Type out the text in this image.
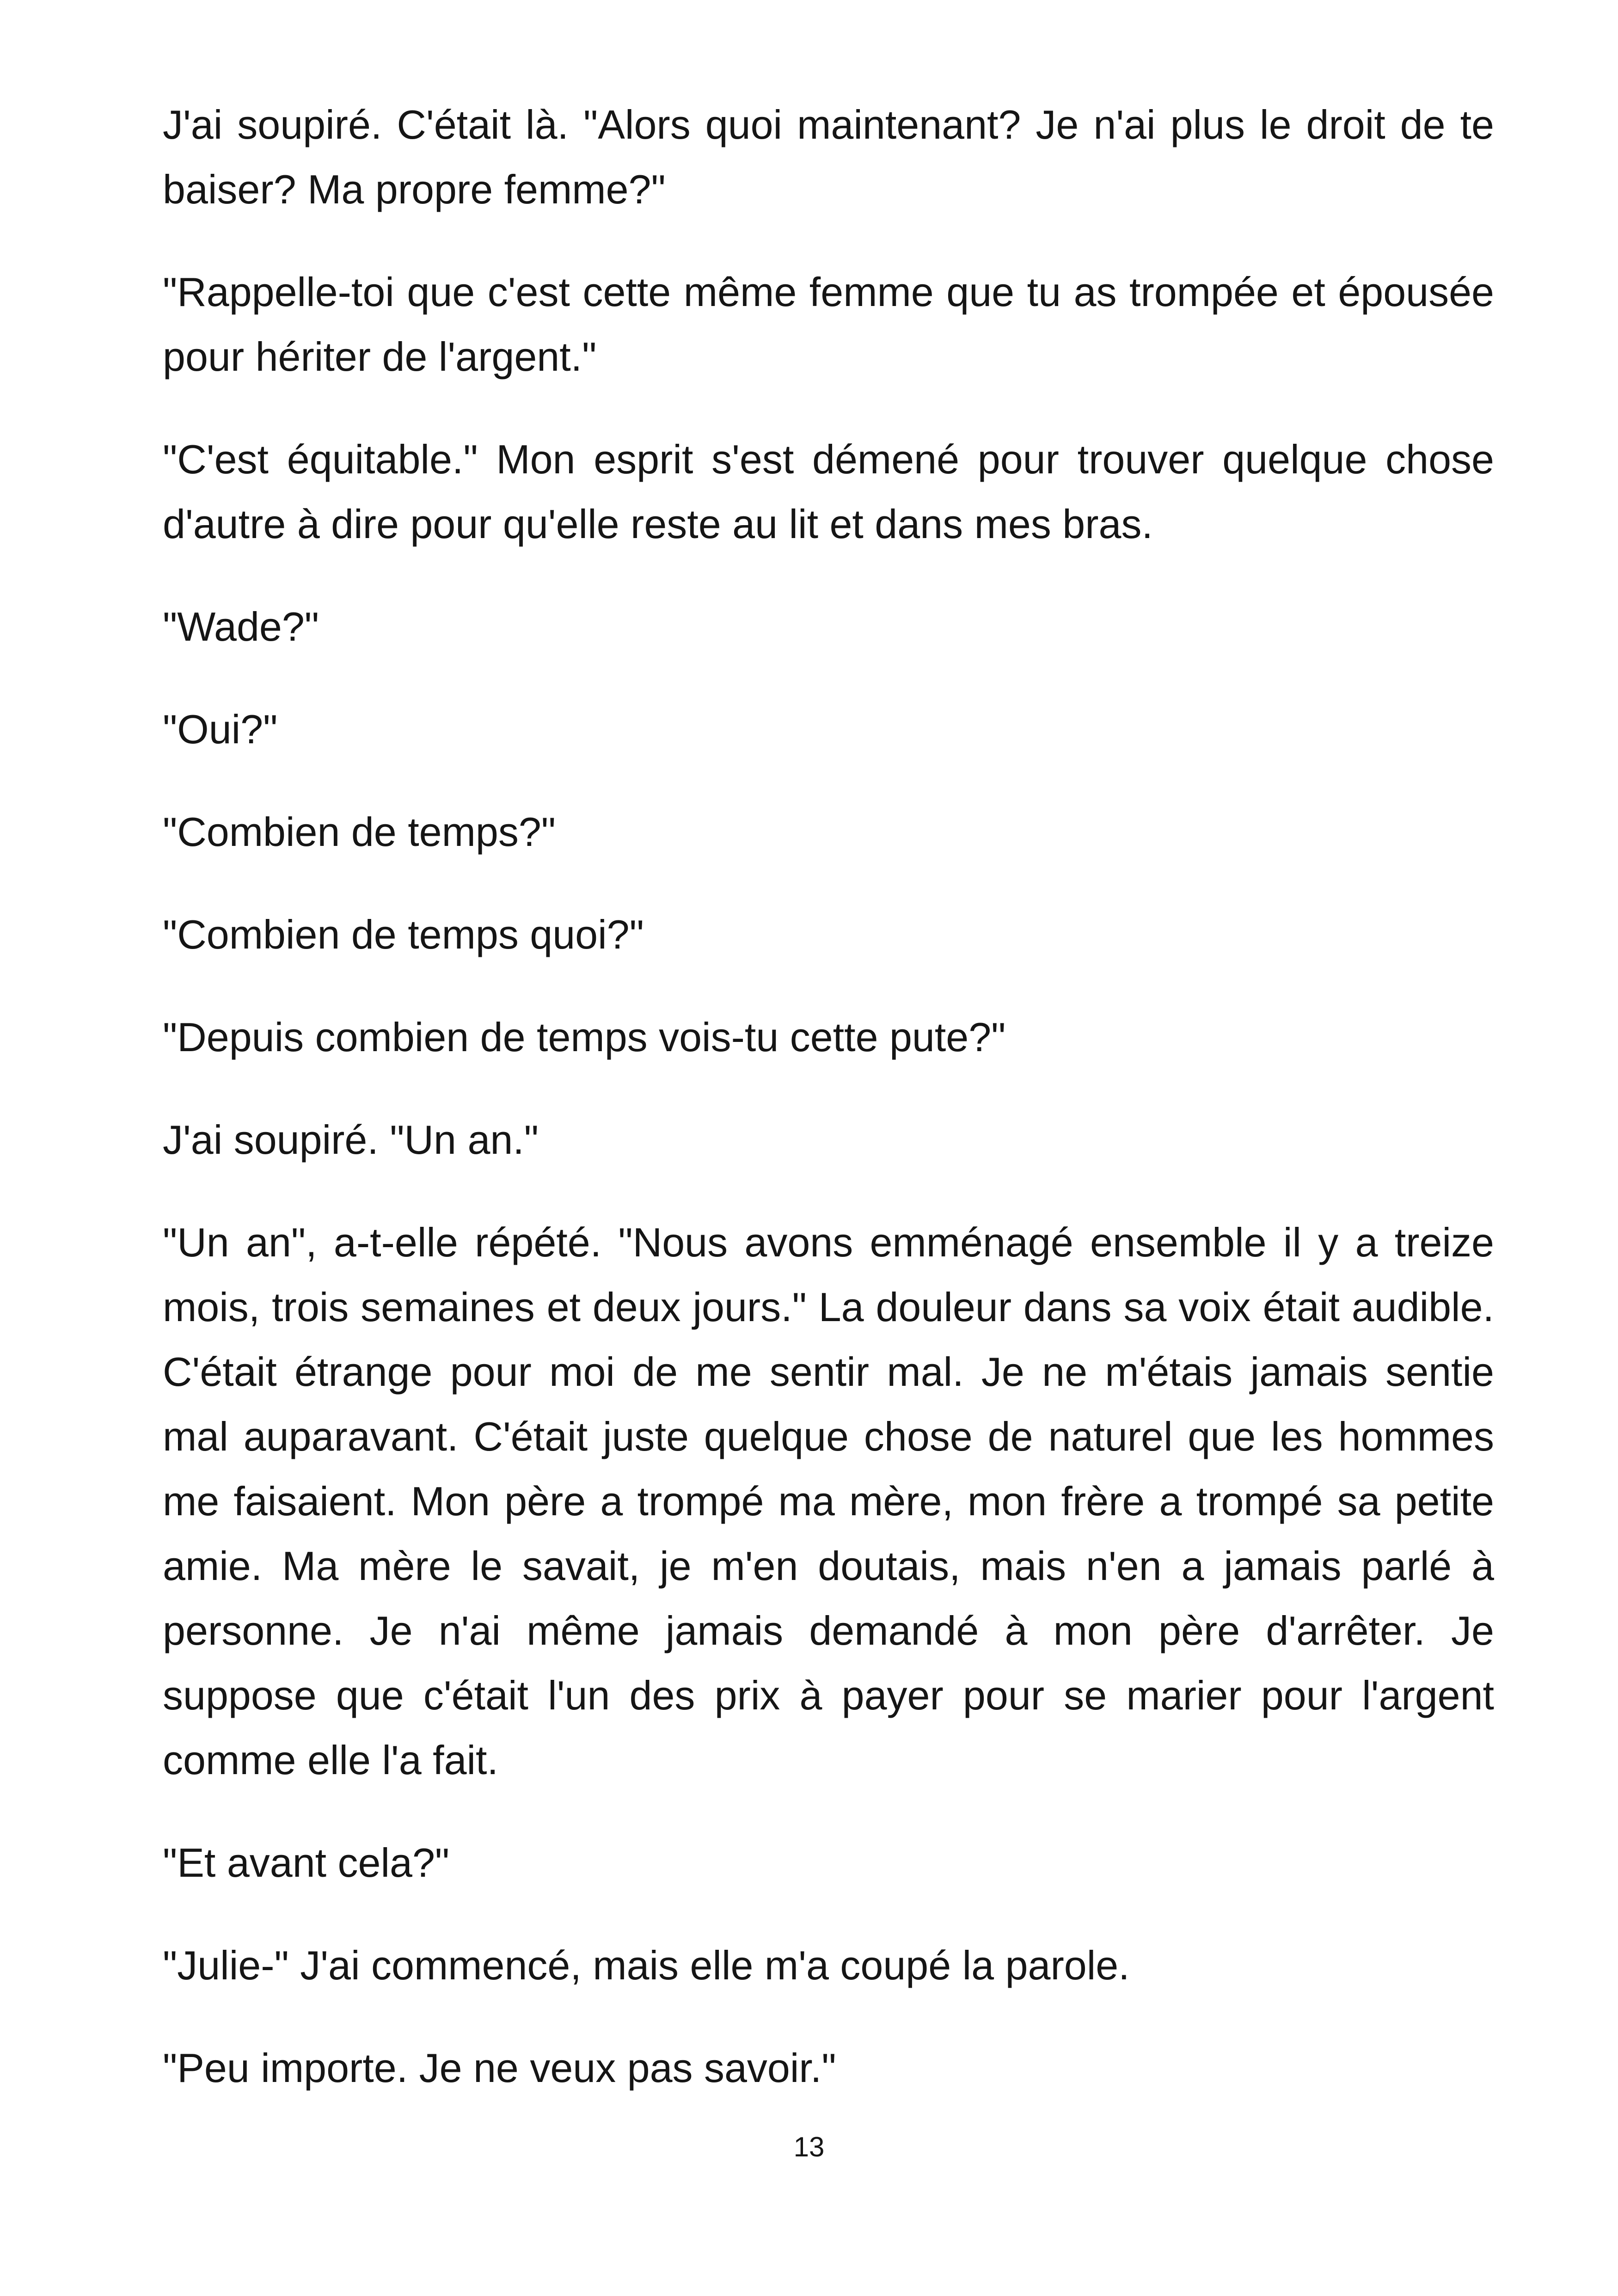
J'ai soupiré. C'était là. "Alors quoi maintenant? Je n'ai plus le droit de te baiser? Ma propre femme?"

"Rappelle-toi que c'est cette même femme que tu as trompée et épousée pour hériter de l'argent."

"C'est équitable." Mon esprit s'est démené pour trouver quelque chose d'autre à dire pour qu'elle reste au lit et dans mes bras.

"Wade?"

"Oui?"

"Combien de temps?"

"Combien de temps quoi?"

"Depuis combien de temps vois-tu cette pute?"

J'ai soupiré. "Un an."

"Un an", a-t-elle répété. "Nous avons emménagé ensemble il y a treize mois, trois semaines et deux jours." La douleur dans sa voix était audible. C'était étrange pour moi de me sentir mal. Je ne m'étais jamais sentie mal auparavant. C'était juste quelque chose de naturel que les hommes me faisaient. Mon père a trompé ma mère, mon frère a trompé sa petite amie. Ma mère le savait, je m'en doutais, mais n'en a jamais parlé à personne. Je n'ai même jamais demandé à mon père d'arrêter. Je suppose que c'était l'un des prix à payer pour se marier pour l'argent comme elle l'a fait.

"Et avant cela?"

"Julie-" J'ai commencé, mais elle m'a coupé la parole.

"Peu importe. Je ne veux pas savoir."

13
